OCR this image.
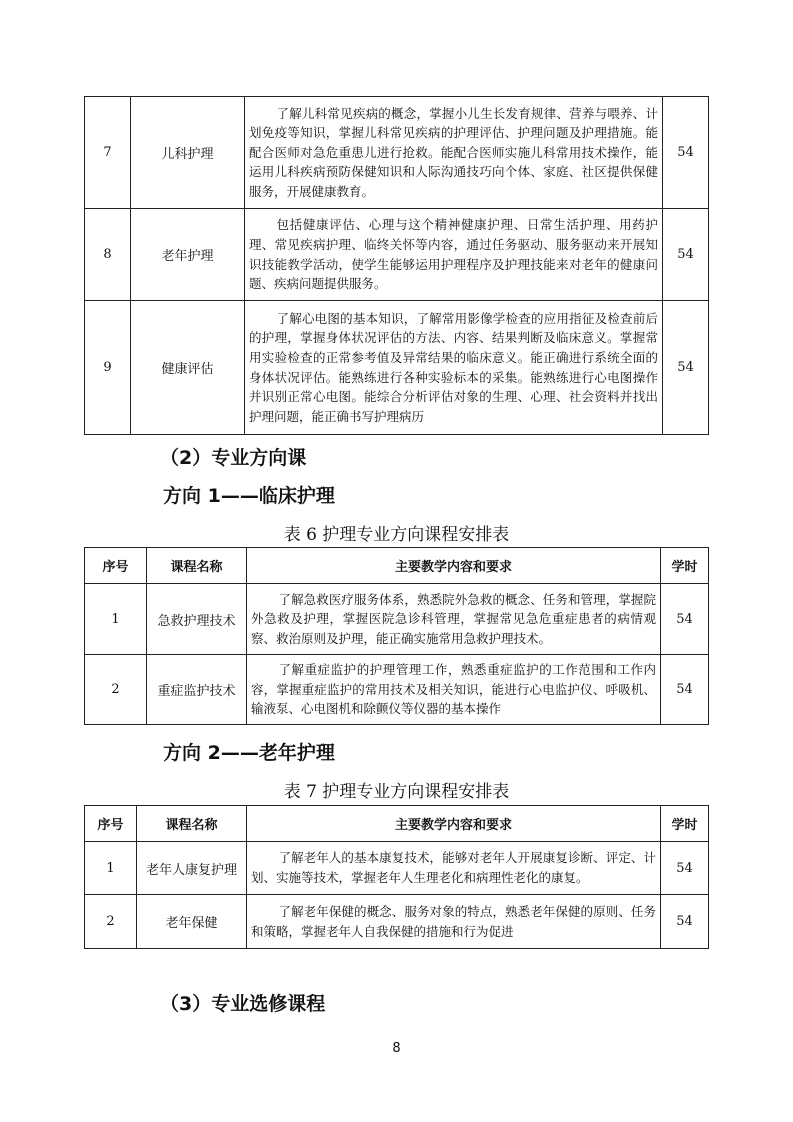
7	儿科护理	了解儿科常见疾病的概念，掌握小儿生长发育规律、营养与喂养、计划免疫等知识，掌握儿科常见疾病的护理评估、护理问题及护理措施。能配合医师对急危重患儿进行抢救。能配合医师实施儿科常用技术操作，能运用儿科疾病预防保健知识和人际沟通技巧向个体、家庭、社区提供保健服务，开展健康教育。	54
8	老年护理	包括健康评估、心理与这个精神健康护理、日常生活护理、用药护理、常见疾病护理、临终关怀等内容，通过任务驱动、服务驱动来开展知识技能教学活动，使学生能够运用护理程序及护理技能来对老年的健康问题、疾病问题提供服务。	54
9	健康评估	了解心电图的基本知识，了解常用影像学检查的应用指征及检查前后的护理，掌握身体状况评估的方法、内容、结果判断及临床意义。掌握常用实验检查的正常参考值及异常结果的临床意义。能正确进行系统全面的身体状况评估。能熟练进行各种实验标本的采集。能熟练进行心电图操作并识别正常心电图。能综合分析评估对象的生理、心理、社会资料并找出护理问题，能正确书写护理病历	54
（2）专业方向课
方向 1——临床护理
表 6 护理专业方向课程安排表
序号	课程名称	主要教学内容和要求	学时
1	急救护理技术	了解急救医疗服务体系，熟悉院外急救的概念、任务和管理，掌握院外急救及护理，掌握医院急诊科管理，掌握常见急危重症患者的病情观察、救治原则及护理，能正确实施常用急救护理技术。	54
2	重症监护技术	了解重症监护的护理管理工作，熟悉重症监护的工作范围和工作内容，掌握重症监护的常用技术及相关知识，能进行心电监护仪、呼吸机、输液泵、心电图机和除颤仪等仪器的基本操作	54
方向 2——老年护理
表 7 护理专业方向课程安排表
序号	课程名称	主要教学内容和要求	学时
1	老年人康复护理	了解老年人的基本康复技术，能够对老年人开展康复诊断、评定、计划、实施等技术，掌握老年人生理老化和病理性老化的康复。	54
2	老年保健	了解老年保健的概念、服务对象的特点，熟悉老年保健的原则、任务和策略，掌握老年人自我保健的措施和行为促进	54
（3）专业选修课程
8
